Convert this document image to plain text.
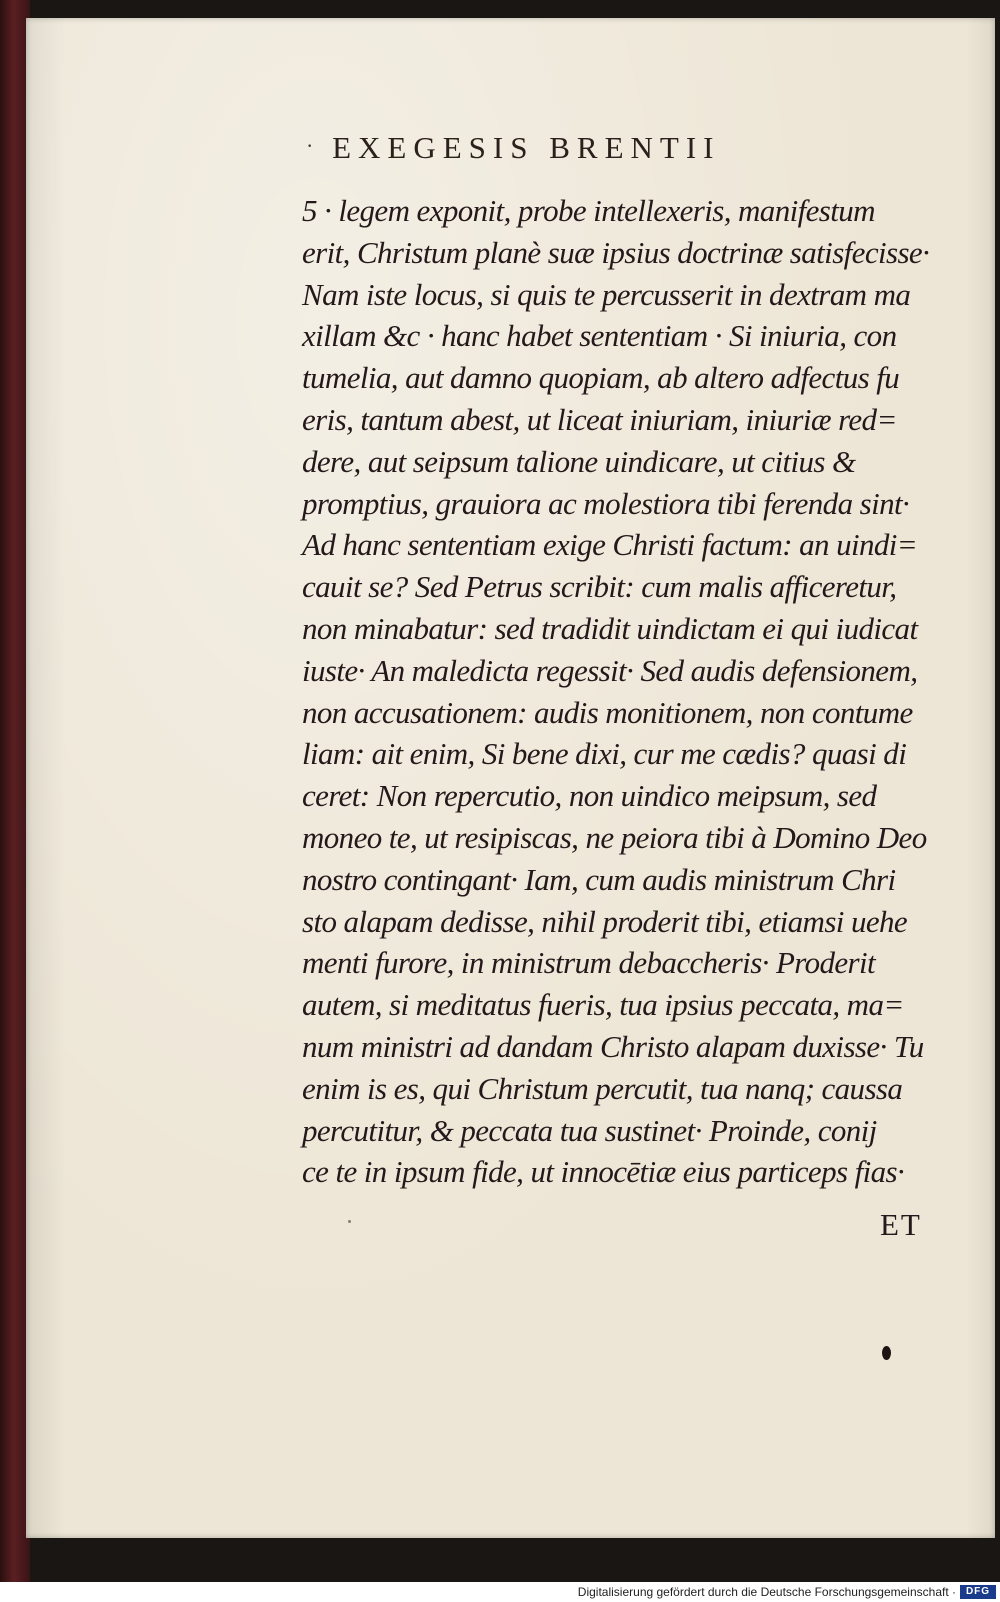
· EXEGESIS BRENTII
5 · legem exponit, probe intellexeris, manifestum
erit, Christum planè suæ ipsius doctrinæ satisfecisse·
Nam iste locus, si quis te percusserit in dextram ma
xillam &c · hanc habet sententiam · Si iniuria, con
tumelia, aut damno quopiam, ab altero adfectus fu
eris, tantum abest, ut liceat iniuriam, iniuriæ red=
dere, aut seipsum talione uindicare, ut citius &
promptius, grauiora ac molestiora tibi ferenda sint·
Ad hanc sententiam exige Christi factum: an uindi=
cauit se? Sed Petrus scribit: cum malis afficeretur,
non minabatur: sed tradidit uindictam ei qui iudicat
iuste· An maledicta regessit· Sed audis defensionem,
non accusationem: audis monitionem, non contume
liam: ait enim, Si bene dixi, cur me cædis? quasi di
ceret: Non repercutio, non uindico meipsum, sed
moneo te, ut resipiscas, ne peiora tibi à Domino Deo
nostro contingant· Iam, cum audis ministrum Chri
sto alapam dedisse, nihil proderit tibi, etiamsi uehe
menti furore, in ministrum debaccheris· Proderit
autem, si meditatus fueris, tua ipsius peccata, ma=
num ministri ad dandam Christo alapam duxisse· Tu
enim is es, qui Christum percutit, tua nanq; caussa
percutitur, & peccata tua sustinet· Proinde, conij
ce te in ipsum fide, ut innocētiæ eius particeps fias·
ET
Digitalisierung gefördert durch die Deutsche Forschungsgemeinschaft · DFG
